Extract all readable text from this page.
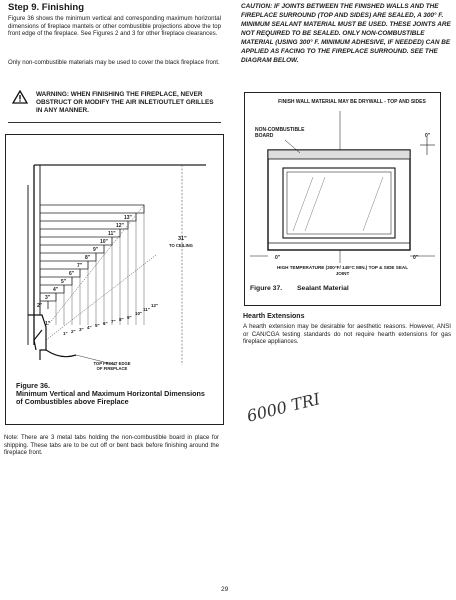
Step 9. Finishing
Figure 36 shows the minimum vertical and corresponding maximum horizontal dimensions of fireplace mantels or other combustible projections above the top front edge of the fireplace. See Figures 2 and 3 for other fireplace clearances.
Only non-combustible materials may be used to cover the black fireplace front.
WARNING: WHEN FINISHING THE FIREPLACE, NEVER OBSTRUCT OR MODIFY THE AIR INLET/OUTLET GRILLES IN ANY MANNER.
13"
12"
11"
10"
9"
8"
7"
6"
5"
4"
3"
2"
1"
1" 2" 3" 4" 5" 6" 7" 8" 9"
10"
11"
12"
31"
TO CEILING
TOP FRONT EDGE OF FIREPLACE
Figure 36.
Minimum Vertical and Maximum Horizontal Dimensions of Combustibles above Fireplace
Note: There are 3 metal tabs holding the non-combustible board in place for shipping. These tabs are to be cut off or bent back before finishing around the fireplace front.
CAUTION: IF JOINTS BETWEEN THE FINISHED WALLS AND THE FIREPLACE SURROUND (TOP AND SIDES) ARE SEALED, A 300° F. MINIMUM SEALANT MATERIAL MUST BE USED. THESE JOINTS ARE NOT REQUIRED TO BE SEALED. ONLY NON-COMBUSTIBLE MATERIAL (USING 300° F. MINIMUM ADHESIVE, IF NEEDED) CAN BE APPLIED AS FACING TO THE FIREPLACE SURROUND. SEE THE DIAGRAM BELOW.
FINISH WALL MATERIAL MAY BE DRYWALL - TOP AND SIDES
NON-COMBUSTIBLE BOARD	0"
0"	0"
HIGH TEMPERATURE (300°F/ 149°C MIN.) TOP & SIDE SEAL JOINT
Figure 37. Sealant Material
Hearth Extensions
A hearth extension may be desirable for aesthetic reasons. However, ANSI or CAN/CGA testing standards do not require hearth extensions for gas fireplace appliances.
6000 TRI
29
